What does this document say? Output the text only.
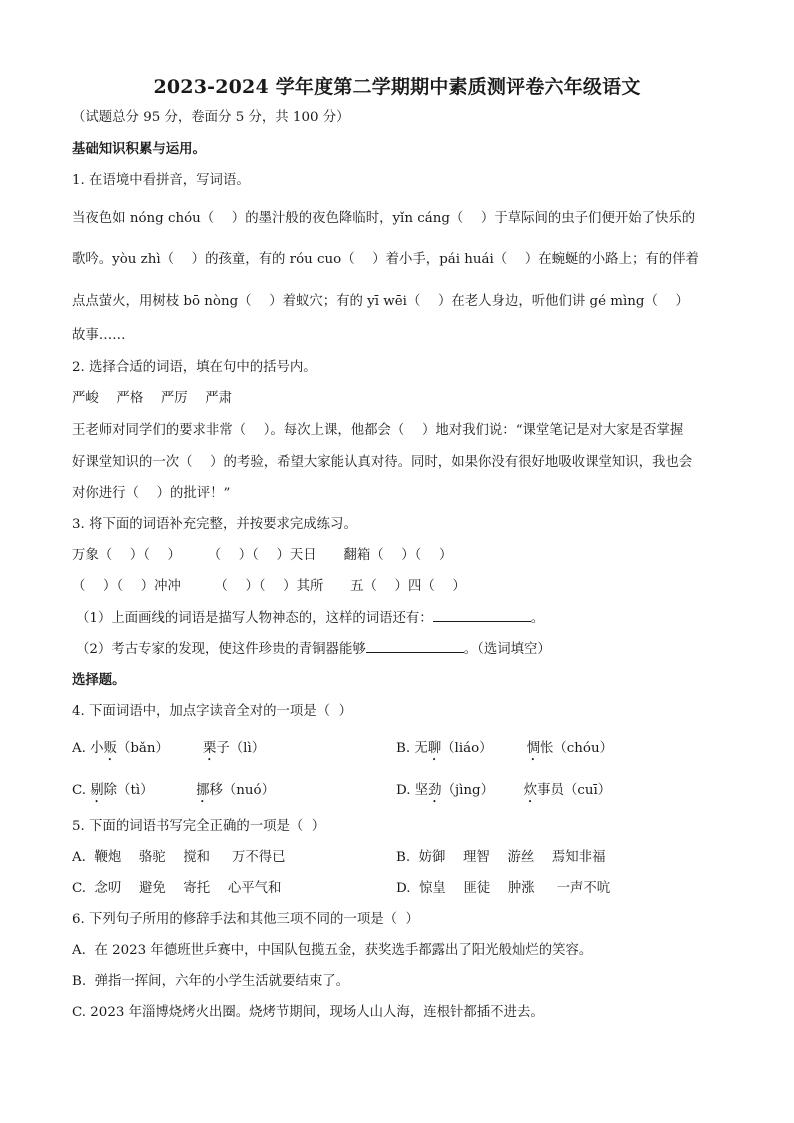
2023-2024 学年度第二学期期中素质测评卷六年级语文
（试题总分 95 分，卷面分 5 分，共 100 分）
基础知识积累与运用。
1. 在语境中看拼音，写词语。
当夜色如 nóng chóu（　 ）的墨汁般的夜色降临时，yǐn cáng（　 ）于草际间的虫子们便开始了快乐的
歌吟。yòu zhì（　 ）的孩童，有的 róu cuo（　 ）着小手，pái huái（　 ）在蜿蜒的小路上；有的伴着
点点萤火，用树枝 bō nòng（　 ）着蚁穴；有的 yī wēi（　 ）在老人身边，听他们讲 gé mìng（　 ）
故事……
2. 选择合适的词语，填在句中的括号内。
严峻　 严格　 严厉　 严肃
王老师对同学们的要求非常（　 ）。每次上课，他都会（　 ）地对我们说：“课堂笔记是对大家是否掌握
好课堂知识的一次（　 ）的考验，希望大家能认真对待。同时，如果你没有很好地吸收课堂知识，我也会
对你进行（　 ）的批评！”
3. 将下面的词语补充完整，并按要求完成练习。
万象（　 ）（　 ）　　　（　 ）（　 ）天日　　翻箱（　 ）（　 ）
（　 ）（　 ）冲冲　　　（　 ）（　 ）其所　　五（　 ）四（　 ）
（1）上面画线的词语是描写人物神态的，这样的词语还有：	。
（2）考古专家的发现，使这件珍贵的青铜器能够	。（选词填空）
选择题。
4. 下面词语中，加点字读音全对的一项是（  ）
A. 小贩（bǎn）	栗子（lì）	B. 无聊（liáo）	惆怅（chóu）
C. 剔除（tì）	挪移（nuó）	D. 坚劲（jìng） 炊事员（cuī）
5. 下面的词语书写完全正确的一项是（  ）
A.  鞭炮　 骆驼　 搅和　  万不得已	B.  妨御　 理智　 游丝　 焉知非福
C.  念叨　 避免　 寄托　 心平气和	D.  惊皇　 匪徒　 肿涨　  一声不吭
6. 下列句子所用的修辞手法和其他三项不同的一项是（  ）
A.  在 2023 年德班世乒赛中，中国队包揽五金，获奖选手都露出了阳光般灿烂的笑容。
B.  弹指一挥间，六年的小学生活就要结束了。
C. 2023 年淄博烧烤火出圈。烧烤节期间，现场人山人海，连根针都插不进去。
